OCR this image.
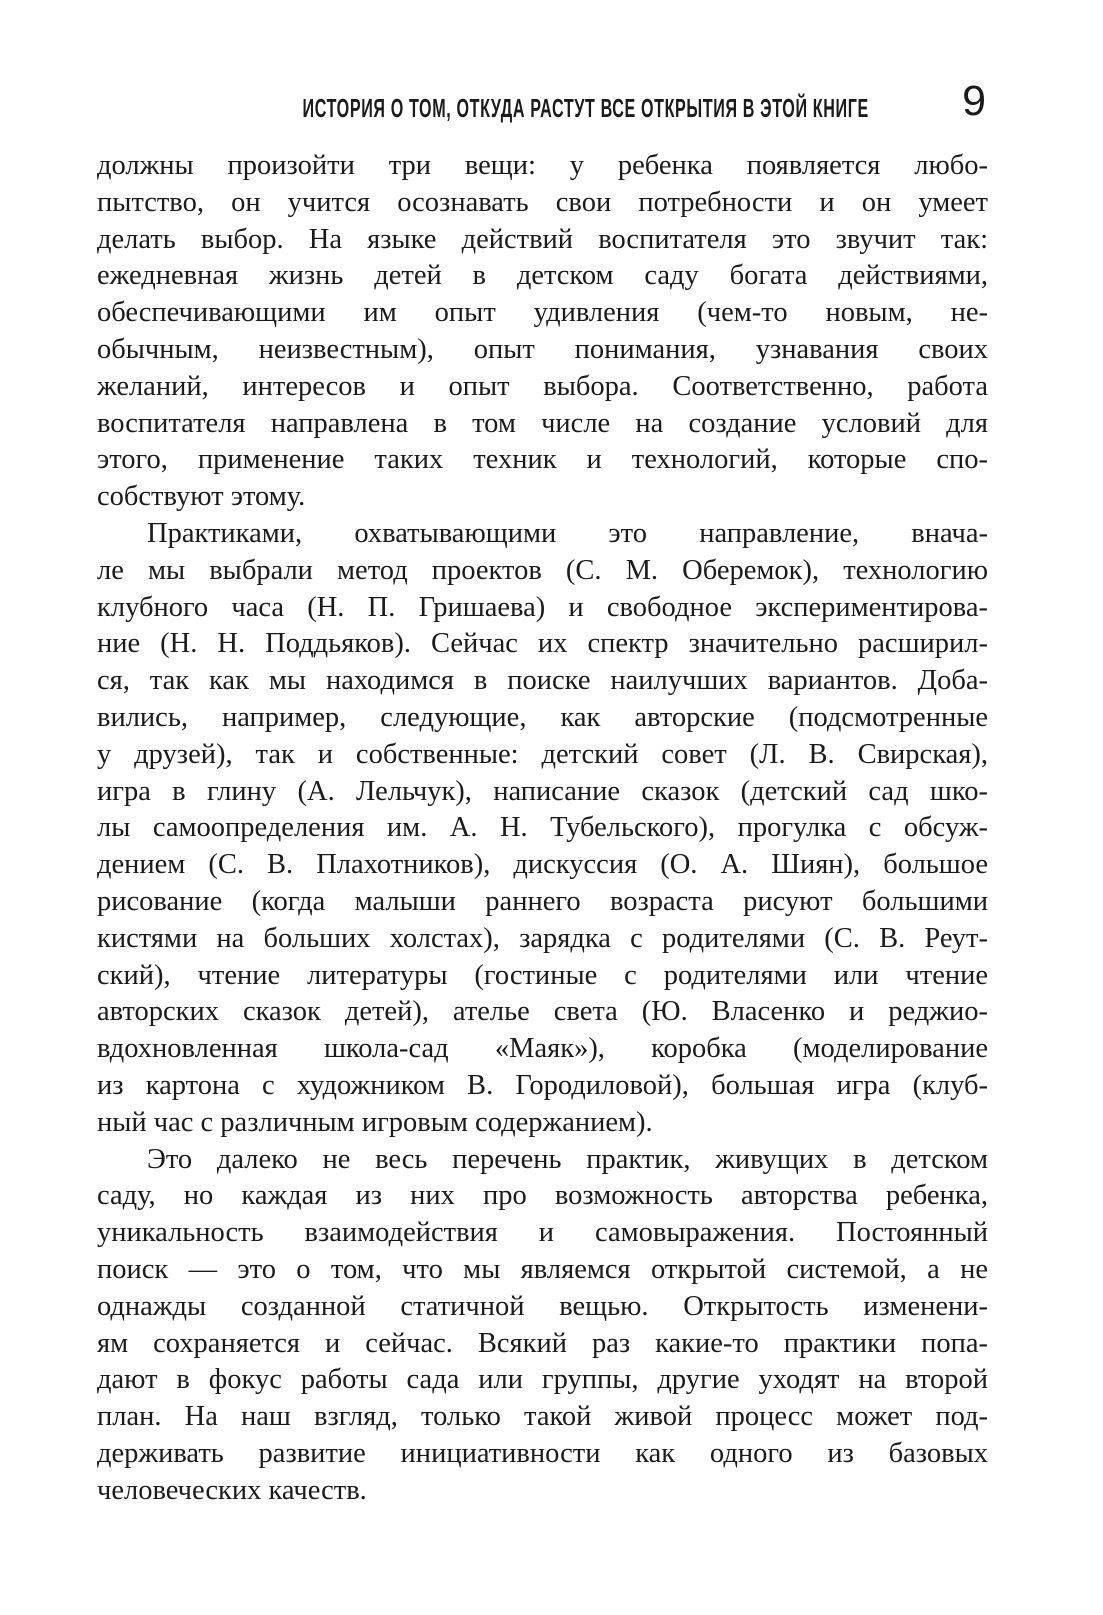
ИСТОРИЯ О ТОМ, ОТКУДА РАСТУТ ВСЕ ОТКРЫТИЯ В ЭТОЙ КНИГЕ 9
должны произойти три вещи: у ребенка появляется любо-
пытство, он учится осознавать свои потребности и он умеет
делать выбор. На языке действий воспитателя это звучит так:
ежедневная жизнь детей в детском саду богата действиями,
обеспечивающими им опыт удивления (чем-то новым, не-
обычным, неизвестным), опыт понимания, узнавания своих
желаний, интересов и опыт выбора. Соответственно, работа
воспитателя направлена в том числе на создание условий для
этого, применение таких техник и технологий, которые спо-
собствуют этому.
Практиками, охватывающими это направление, внача-
ле мы выбрали метод проектов (С. М. Оберемок), технологию
клубного часа (Н. П. Гришаева) и свободное экспериментирова-
ние (Н. Н. Поддьяков). Сейчас их спектр значительно расширил-
ся, так как мы находимся в поиске наилучших вариантов. Доба-
вились, например, следующие, как авторские (подсмотренные
у друзей), так и собственные: детский совет (Л. В. Свирская),
игра в глину (А. Лельчук), написание сказок (детский сад шко-
лы самоопределения им. А. Н. Тубельского), прогулка с обсуж-
дением (С. В. Плахотников), дискуссия (О. А. Шиян), большое
рисование (когда малыши раннего возраста рисуют большими
кистями на больших холстах), зарядка с родителями (С. В. Реут-
ский), чтение литературы (гостиные с родителями или чтение
авторских сказок детей), ателье света (Ю. Власенко и реджио-
вдохновленная школа-сад «Маяк»), коробка (моделирование
из картона с художником В. Городиловой), большая игра (клуб-
ный час с различным игровым содержанием).
Это далеко не весь перечень практик, живущих в детском
саду, но каждая из них про возможность авторства ребенка,
уникальность взаимодействия и самовыражения. Постоянный
поиск — это о том, что мы являемся открытой системой, а не
однажды созданной статичной вещью. Открытость изменени-
ям сохраняется и сейчас. Всякий раз какие-то практики попа-
дают в фокус работы сада или группы, другие уходят на второй
план. На наш взгляд, только такой живой процесс может под-
держивать развитие инициативности как одного из базовых
человеческих качеств.
